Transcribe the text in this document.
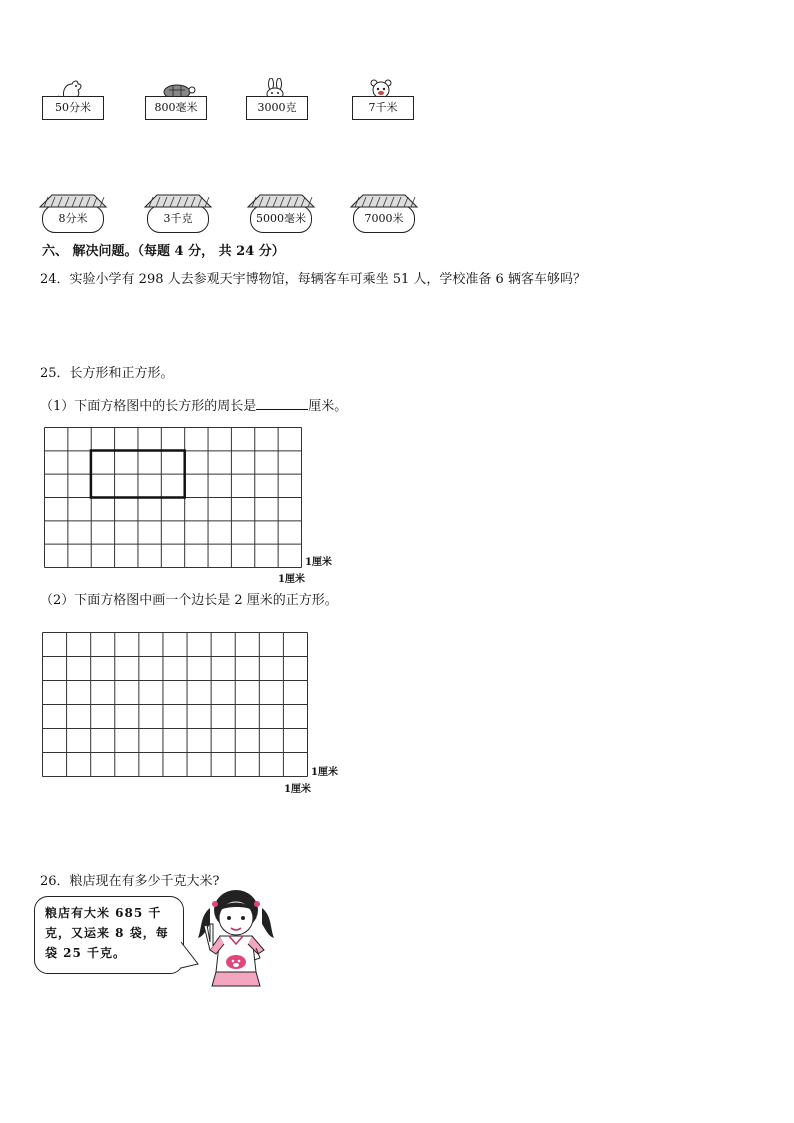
50分米	800毫米	3000克	7千米
8分米	3千克	5000毫米	7000米
六、 解决问题。（每题 4 分， 共 24 分）
24．实验小学有 298 人去参观天宇博物馆，每辆客车可乘坐 51 人，学校准备 6 辆客车够吗？
25．长方形和正方形。
（1）下面方格图中的长方形的周长是	厘米。
1厘米
1厘米
（2）下面方格图中画一个边长是 2 厘米的正方形。
1厘米
1厘米
26．粮店现在有多少千克大米?
粮店有大米 685 千克，又运来 8 袋，每袋 25 千克。
